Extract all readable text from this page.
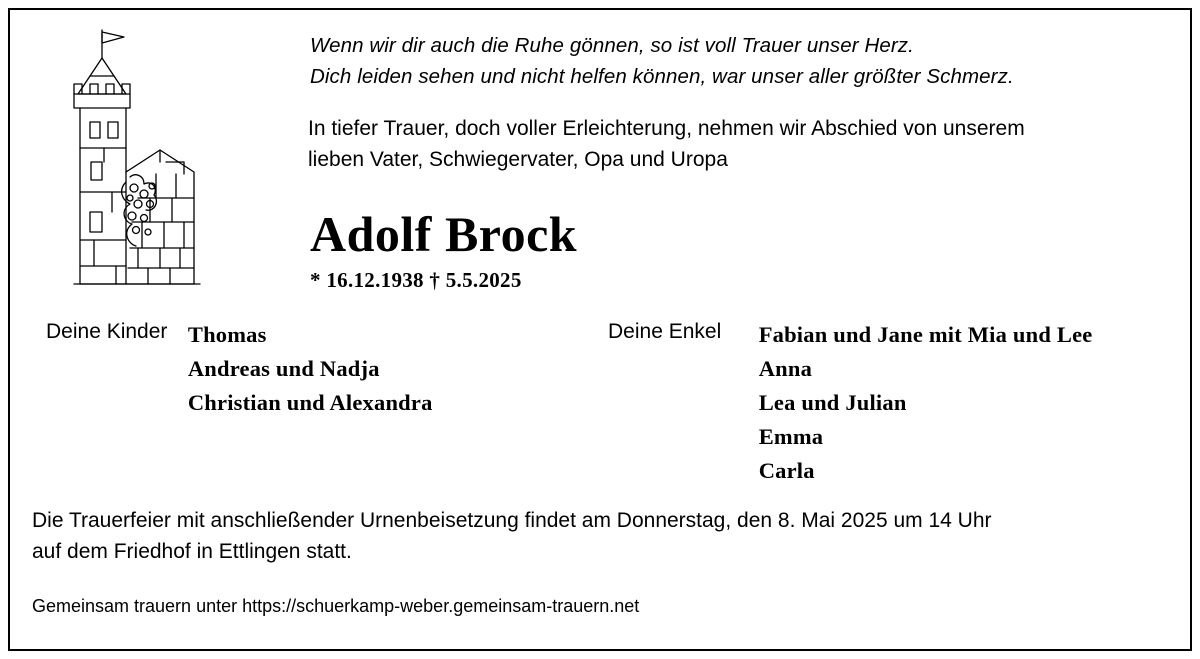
Wenn wir dir auch die Ruhe gönnen, so ist voll Trauer unser Herz.
Dich leiden sehen und nicht helfen können, war unser aller größter Schmerz.
In tiefer Trauer, doch voller Erleichterung, nehmen wir Abschied von unserem
lieben Vater, Schwiegervater, Opa und Uropa
Adolf Brock
* 16.12.1938 † 5.5.2025
Deine Kinder Thomas
Andreas und Nadja
Christian und Alexandra
Deine Enkel Fabian und Jane mit Mia und Lee
Anna
Lea und Julian
Emma
Carla
Die Trauerfeier mit anschließender Urnenbeisetzung findet am Donnerstag, den 8. Mai 2025 um 14 Uhr
auf dem Friedhof in Ettlingen statt.
Gemeinsam trauern unter https://schuerkamp-weber.gemeinsam-trauern.net
